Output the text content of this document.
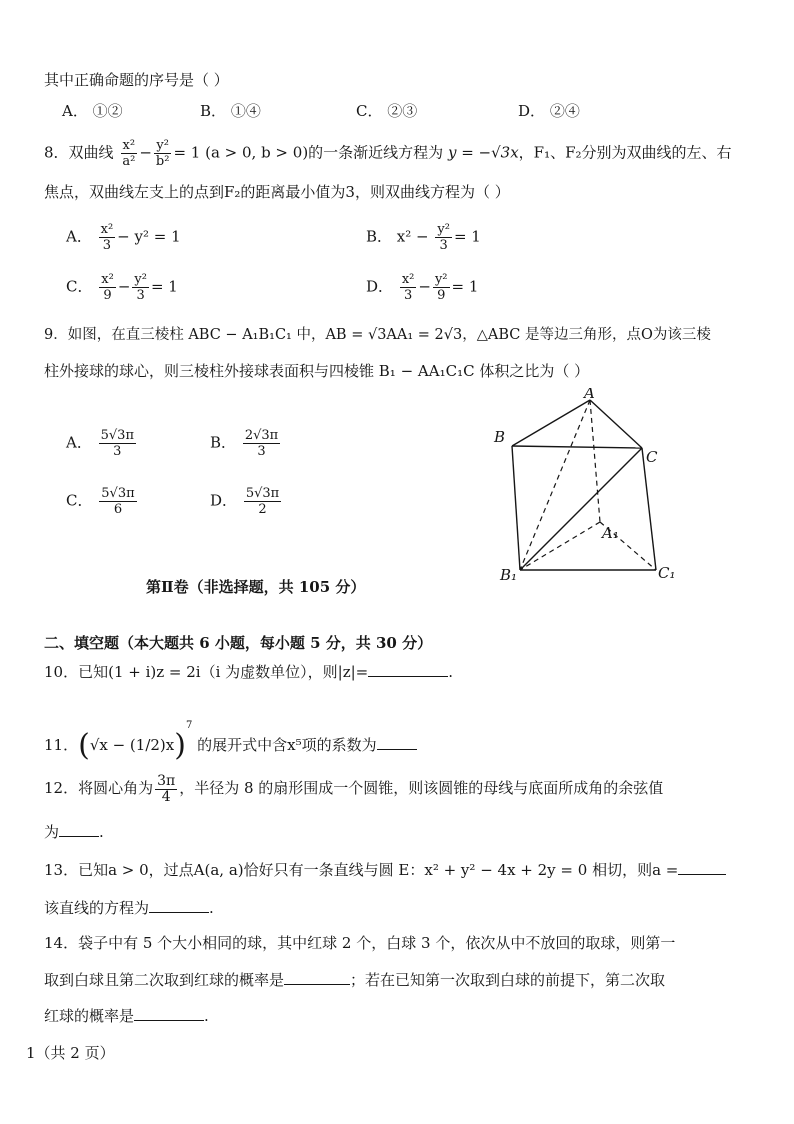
其中正确命题的序号是（ ）
A． ①②	B． ①④	C． ②③	D． ②④
8．双曲线 $\frac{\text{x²}}{\text{a²}} - \frac{\text{y²}}{\text{b²}} = 1$ (a > 0, b > 0)的一条渐近线方程为 y = −√3x，F₁、F₂分别为双曲线的左、右
焦点，双曲线左支上的点到F₂的距离最小值为3，则双曲线方程为（ ）
A． $\frac{\text{x²}}{3} - y^2 = 1$	B． $x^2 - \frac{\text{y²}}{3} = 1$
C． $\frac{\text{x²}}{9} - \frac{\text{y²}}{3} = 1$	D． $\frac{\text{x²}}{3} - \frac{\text{y²}}{9} = 1$
9．如图，在直三棱柱 ABC − A₁B₁C₁ 中，AB = √3AA₁ = 2√3，△ABC 是等边三角形，点O为该三棱
柱外接球的球心，则三棱柱外接球表面积与四棱锥 B₁ − AA₁C₁C 体积之比为（ ）
A． $\frac{5√3\pi}{3}$	B． $\frac{2√3\pi}{3}$
C． $\frac{5√3\pi}{6}$	D． $\frac{5√3\pi}{2}$
A
B
C
A₁
B₁	C₁
第Ⅱ卷（非选择题，共 105 分）
二、填空题（本大题共 6 小题，每小题 5 分，共 30 分）
10．已知(1 + i)z = 2i（i 为虚数单位），则|z|=	.
11．$(√x - (1/2)x)^7$ 的展开式中含x⁵项的系数为
12．将圆心角为 $\frac{3\pi}{4}$ ，半径为 8 的扇形围成一个圆锥，则该圆锥的母线与底面所成角的余弦值
为	.
13．已知a > 0，过点A(a, a)恰好只有一条直线与圆 E：x² + y² − 4x + 2y = 0 相切，则a =
该直线的方程为	.
14．袋子中有 5 个大小相同的球，其中红球 2 个，白球 3 个，依次从中不放回的取球，则第一
取到白球且第二次取到红球的概率是	；若在已知第一次取到白球的前提下，第二次取
红球的概率是	.
1（共 2 页）
